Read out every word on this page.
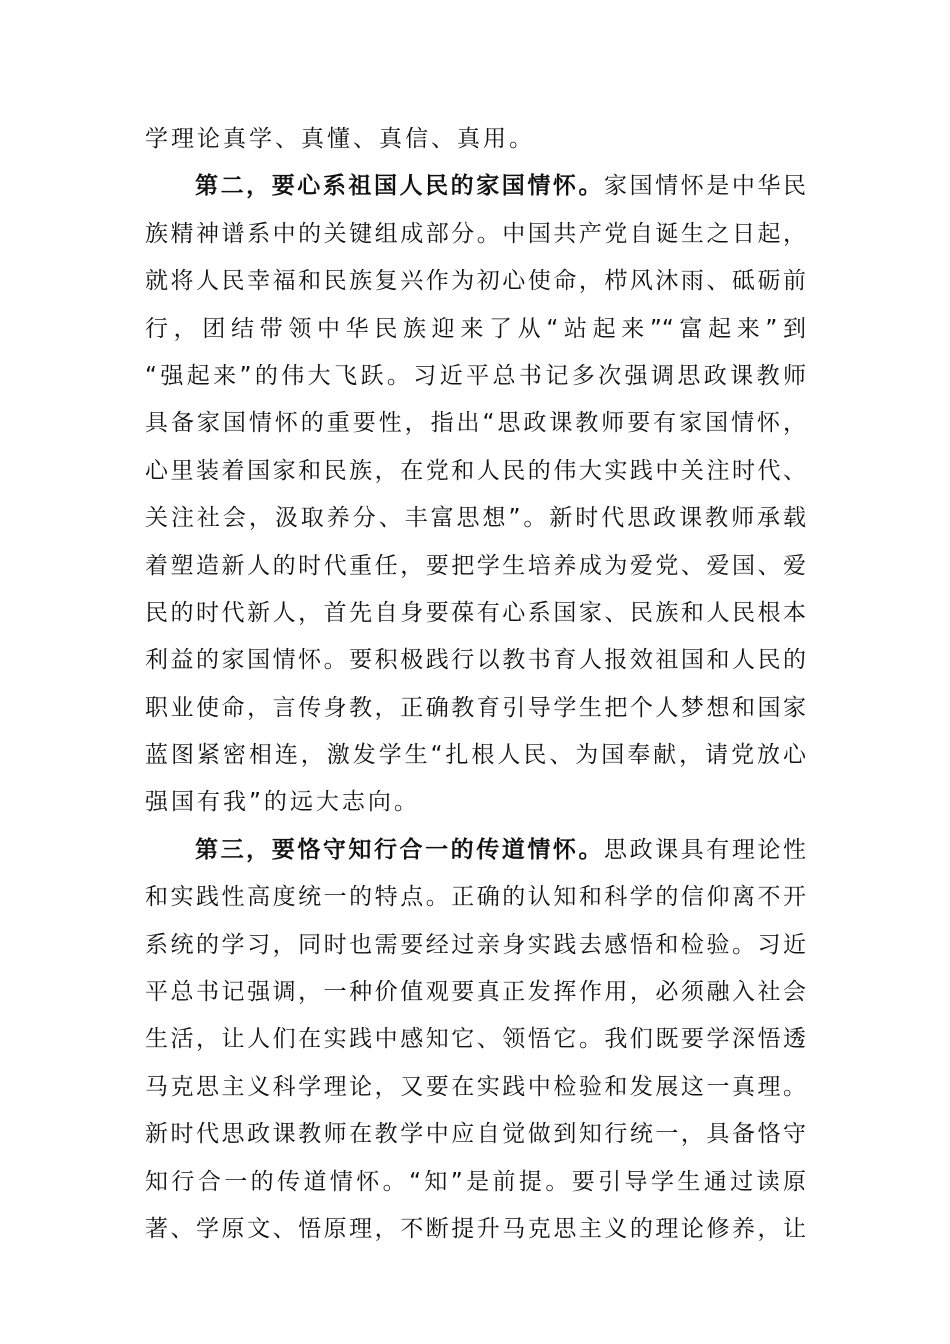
学理论真学、真懂、真信、真用。
第二，要心系祖国人民的家国情怀。家国情怀是中华民
族精神谱系中的关键组成部分。中国共产党自诞生之日起，
就将人民幸福和民族复兴作为初心使命，栉风沐雨、砥砺前
行，团结带领中华民族迎来了从“站起来”“富起来”到
“强起来”的伟大飞跃。习近平总书记多次强调思政课教师
具备家国情怀的重要性，指出“思政课教师要有家国情怀，
心里装着国家和民族，在党和人民的伟大实践中关注时代、
关注社会，汲取养分、丰富思想”。新时代思政课教师承载
着塑造新人的时代重任，要把学生培养成为爱党、爱国、爱
民的时代新人，首先自身要葆有心系国家、民族和人民根本
利益的家国情怀。要积极践行以教书育人报效祖国和人民的
职业使命，言传身教，正确教育引导学生把个人梦想和国家
蓝图紧密相连，激发学生“扎根人民、为国奉献，请党放心
强国有我”的远大志向。
第三，要恪守知行合一的传道情怀。思政课具有理论性
和实践性高度统一的特点。正确的认知和科学的信仰离不开
系统的学习，同时也需要经过亲身实践去感悟和检验。习近
平总书记强调，一种价值观要真正发挥作用，必须融入社会
生活，让人们在实践中感知它、领悟它。我们既要学深悟透
马克思主义科学理论，又要在实践中检验和发展这一真理。
新时代思政课教师在教学中应自觉做到知行统一，具备恪守
知行合一的传道情怀。“知”是前提。要引导学生通过读原
著、学原文、悟原理，不断提升马克思主义的理论修养，让
